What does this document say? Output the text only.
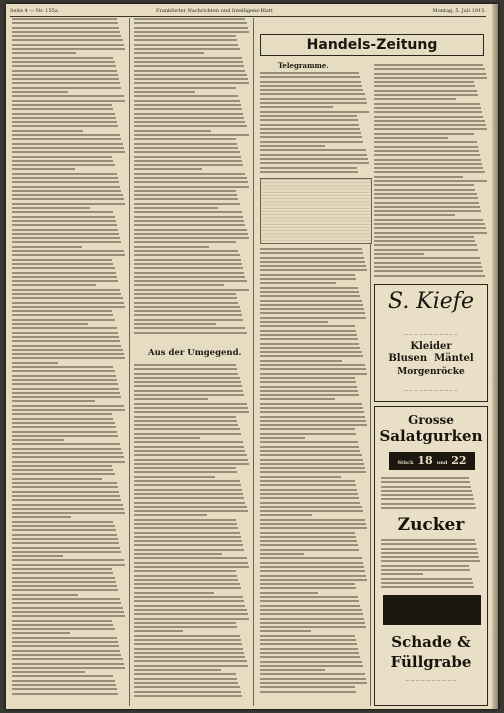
Seite 4 — Nr. 155a	Frankfurter Nachrichten und Intelligenz-Blatt	Montag, 5. Juli 1915.
Aus der Umgegend.
Handels-Zeitung
Telegramme.
S. Kiefe
— — — — — — — — — — —
Kleider
Blusen Mäntel
Morgenröcke
— — — — — — — — — — —
Grosse
Salatgurken
Stück 18 und 22
Zucker
Schade &
Füllgrabe
— — — — — — — — — —
